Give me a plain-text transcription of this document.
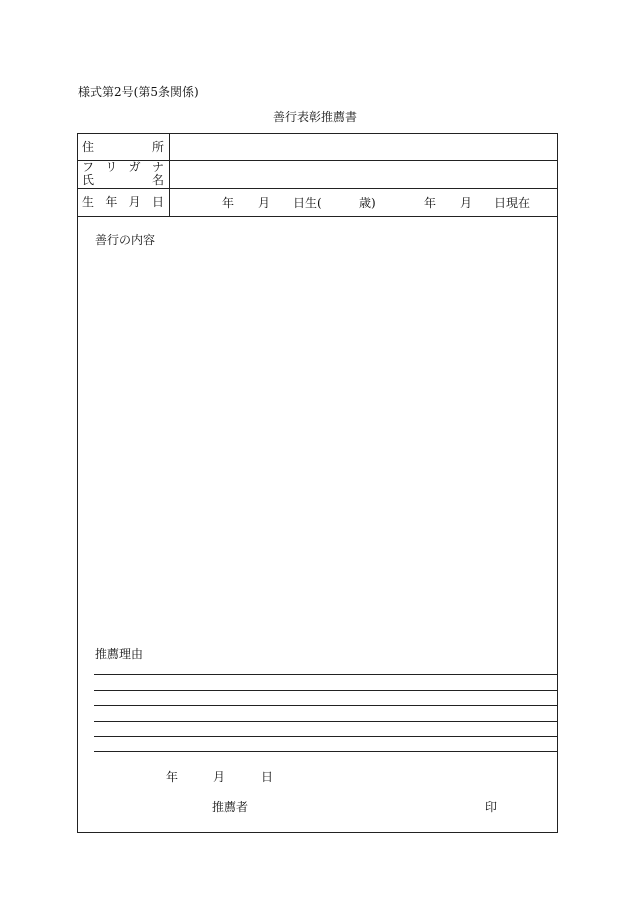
様式第2号(第5条関係)
善行表彰推薦書
住	所
フ リ ガ ナ
氏	名
生 年 月 日	年 月 日生(	歳)	年 月 日現在
善行の内容
推薦理由
年	月	日
推薦者	印
